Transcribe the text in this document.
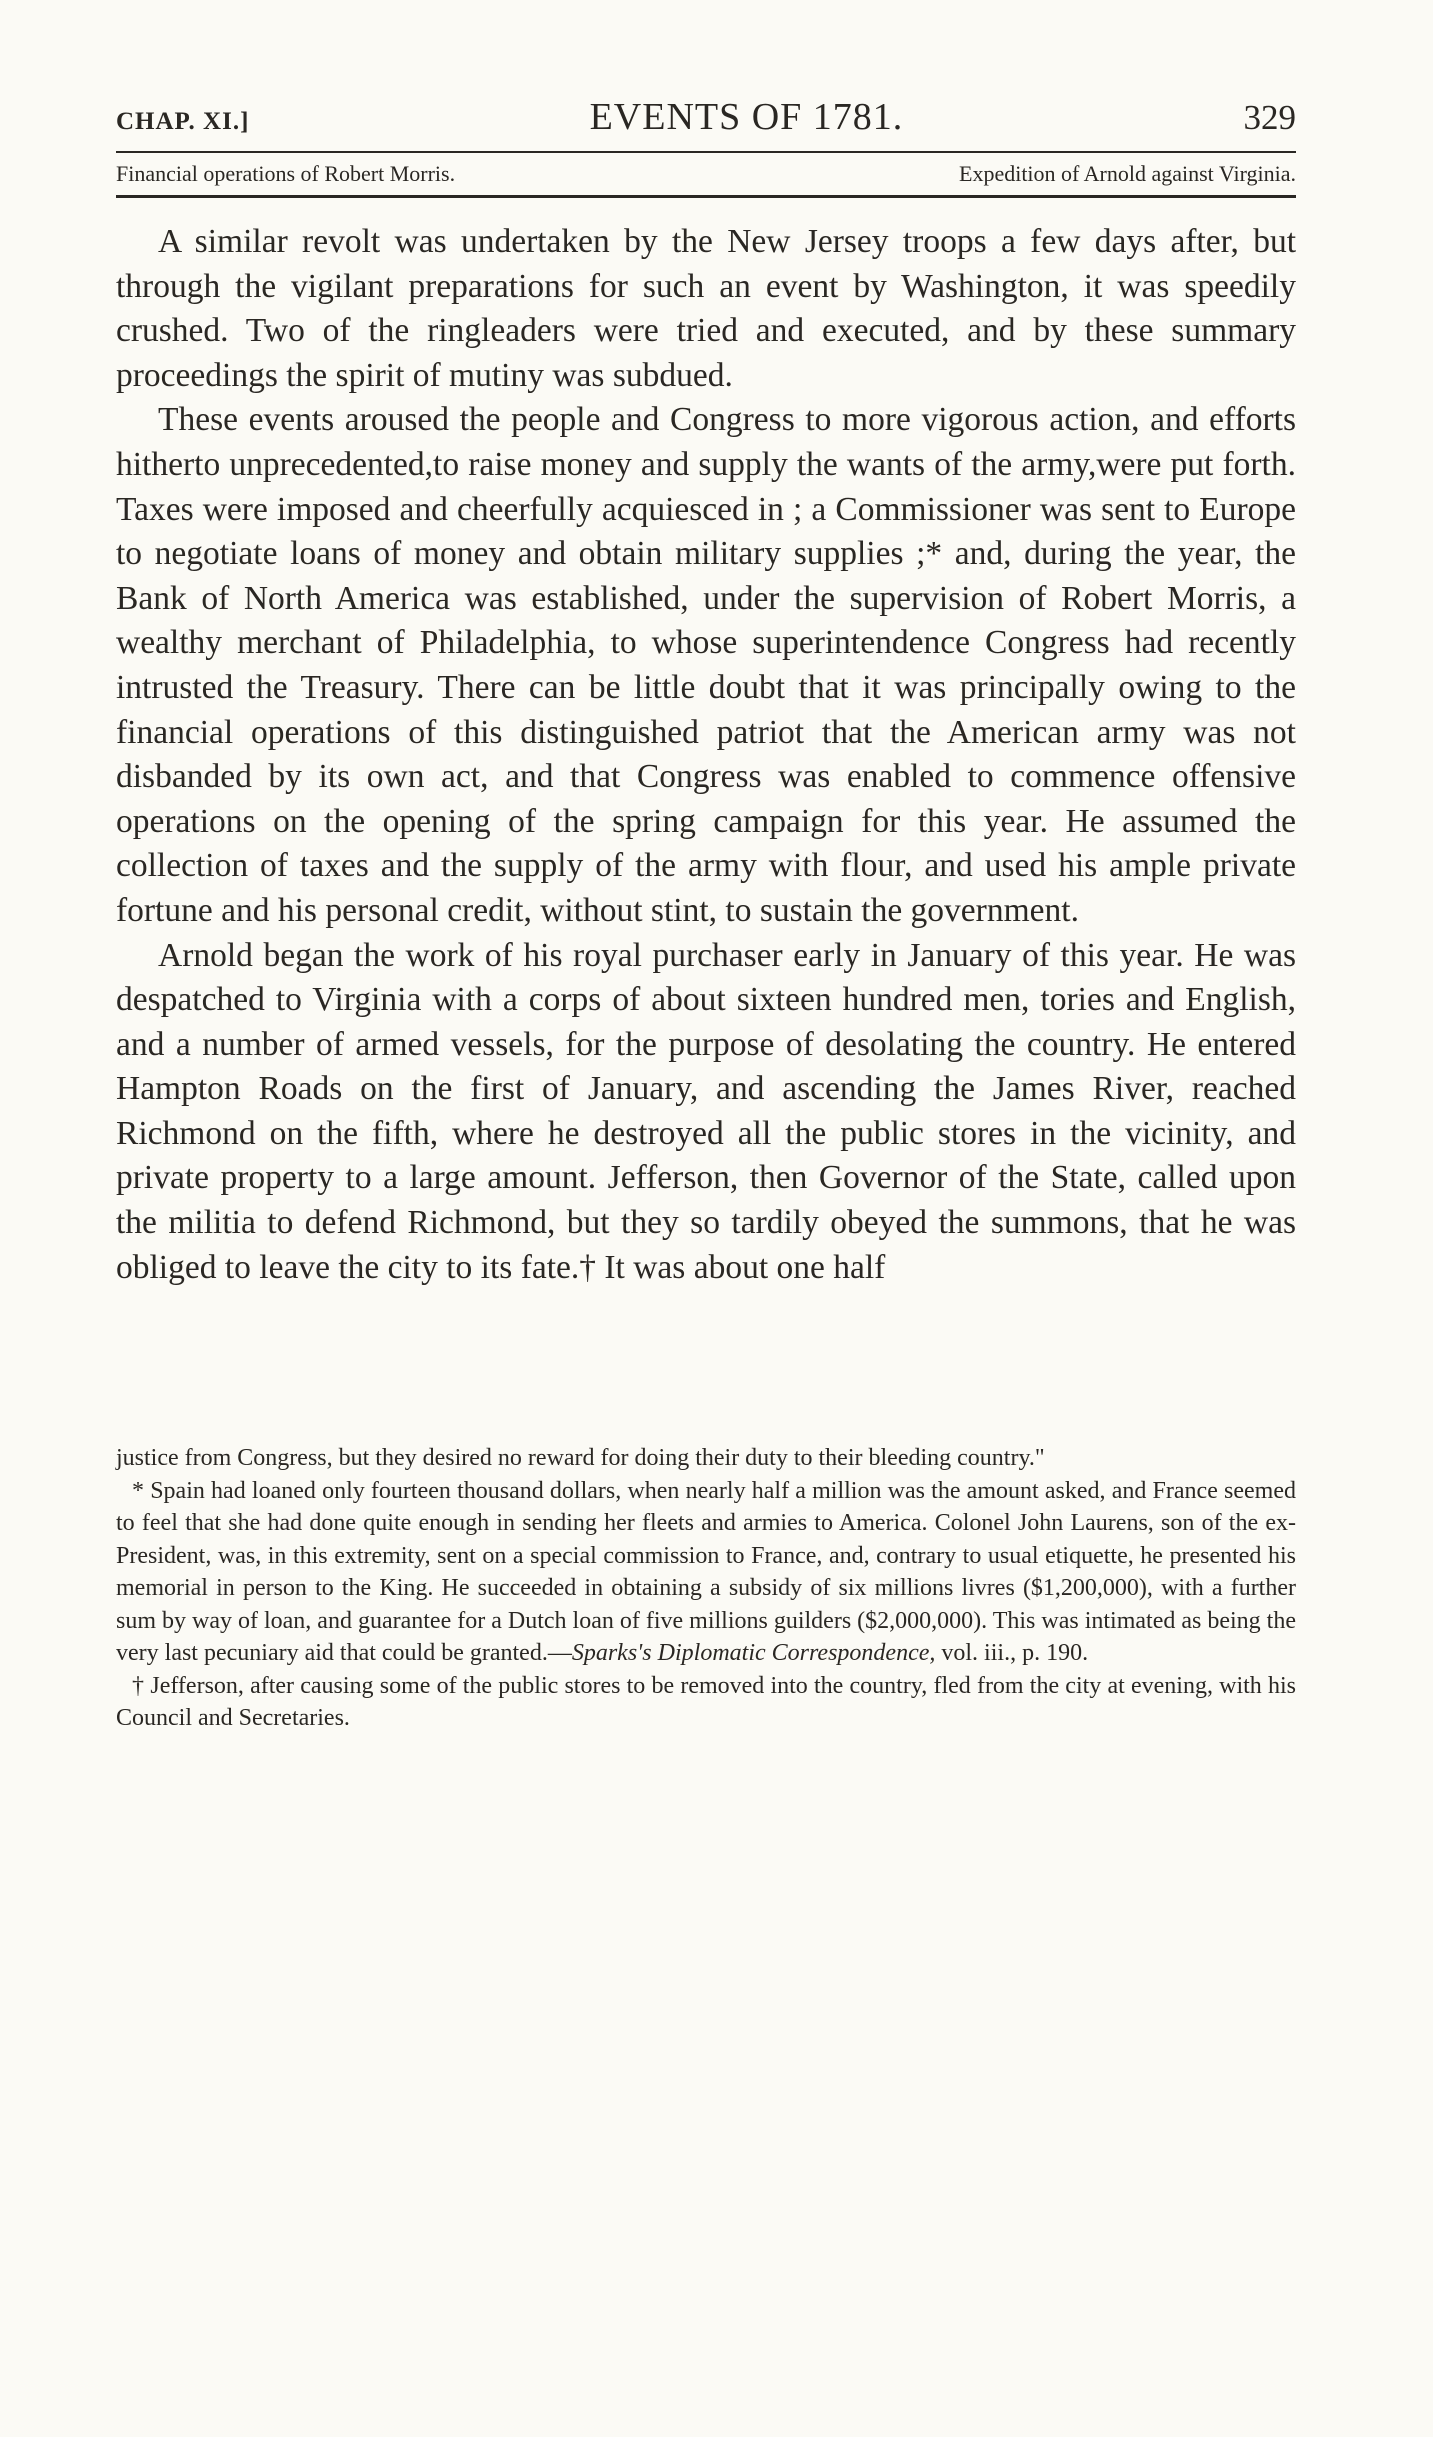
CHAP. XI.]	EVENTS OF 1781.	329
Financial operations of Robert Morris.	Expedition of Arnold against Virginia.

A similar revolt was undertaken by the New Jersey troops a few days after, but through the vigilant preparations for such an event by Washington, it was speedily crushed. Two of the ringleaders were tried and executed, and by these summary proceedings the spirit of mutiny was subdued.

These events aroused the people and Congress to more vigorous action, and efforts hitherto unprecedented,to raise money and supply the wants of the army,were put forth. Taxes were imposed and cheerfully acquiesced in ; a Commissioner was sent to Europe to negotiate loans of money and obtain military supplies ;* and, during the year, the Bank of North America was established, under the supervision of Robert Morris, a wealthy merchant of Philadelphia, to whose superintendence Congress had recently intrusted the Treasury. There can be little doubt that it was principally owing to the financial operations of this distinguished patriot that the American army was not disbanded by its own act, and that Congress was enabled to commence offensive operations on the opening of the spring campaign for this year. He assumed the collection of taxes and the supply of the army with flour, and used his ample private fortune and his personal credit, without stint, to sustain the government.

Arnold began the work of his royal purchaser early in January of this year. He was despatched to Virginia with a corps of about sixteen hundred men, tories and English, and a number of armed vessels, for the purpose of desolating the country. He entered Hampton Roads on the first of January, and ascending the James River, reached Richmond on the fifth, where he destroyed all the public stores in the vicinity, and private property to a large amount. Jefferson, then Governor of the State, called upon the militia to defend Richmond, but they so tardily obeyed the summons, that he was obliged to leave the city to its fate.† It was about one half

justice from Congress, but they desired no reward for doing their duty to their bleeding country."

* Spain had loaned only fourteen thousand dollars, when nearly half a million was the amount asked, and France seemed to feel that she had done quite enough in sending her fleets and armies to America. Colonel John Laurens, son of the ex-President, was, in this extremity, sent on a special commission to France, and, contrary to usual etiquette, he presented his memorial in person to the King. He succeeded in obtaining a subsidy of six millions livres ($1,200,000), with a further sum by way of loan, and guarantee for a Dutch loan of five millions guilders ($2,000,000). This was intimated as being the very last pecuniary aid that could be granted.—Sparks's Diplomatic Correspondence, vol. iii., p. 190.

† Jefferson, after causing some of the public stores to be removed into the country, fled from the city at evening, with his Council and Secretaries.
